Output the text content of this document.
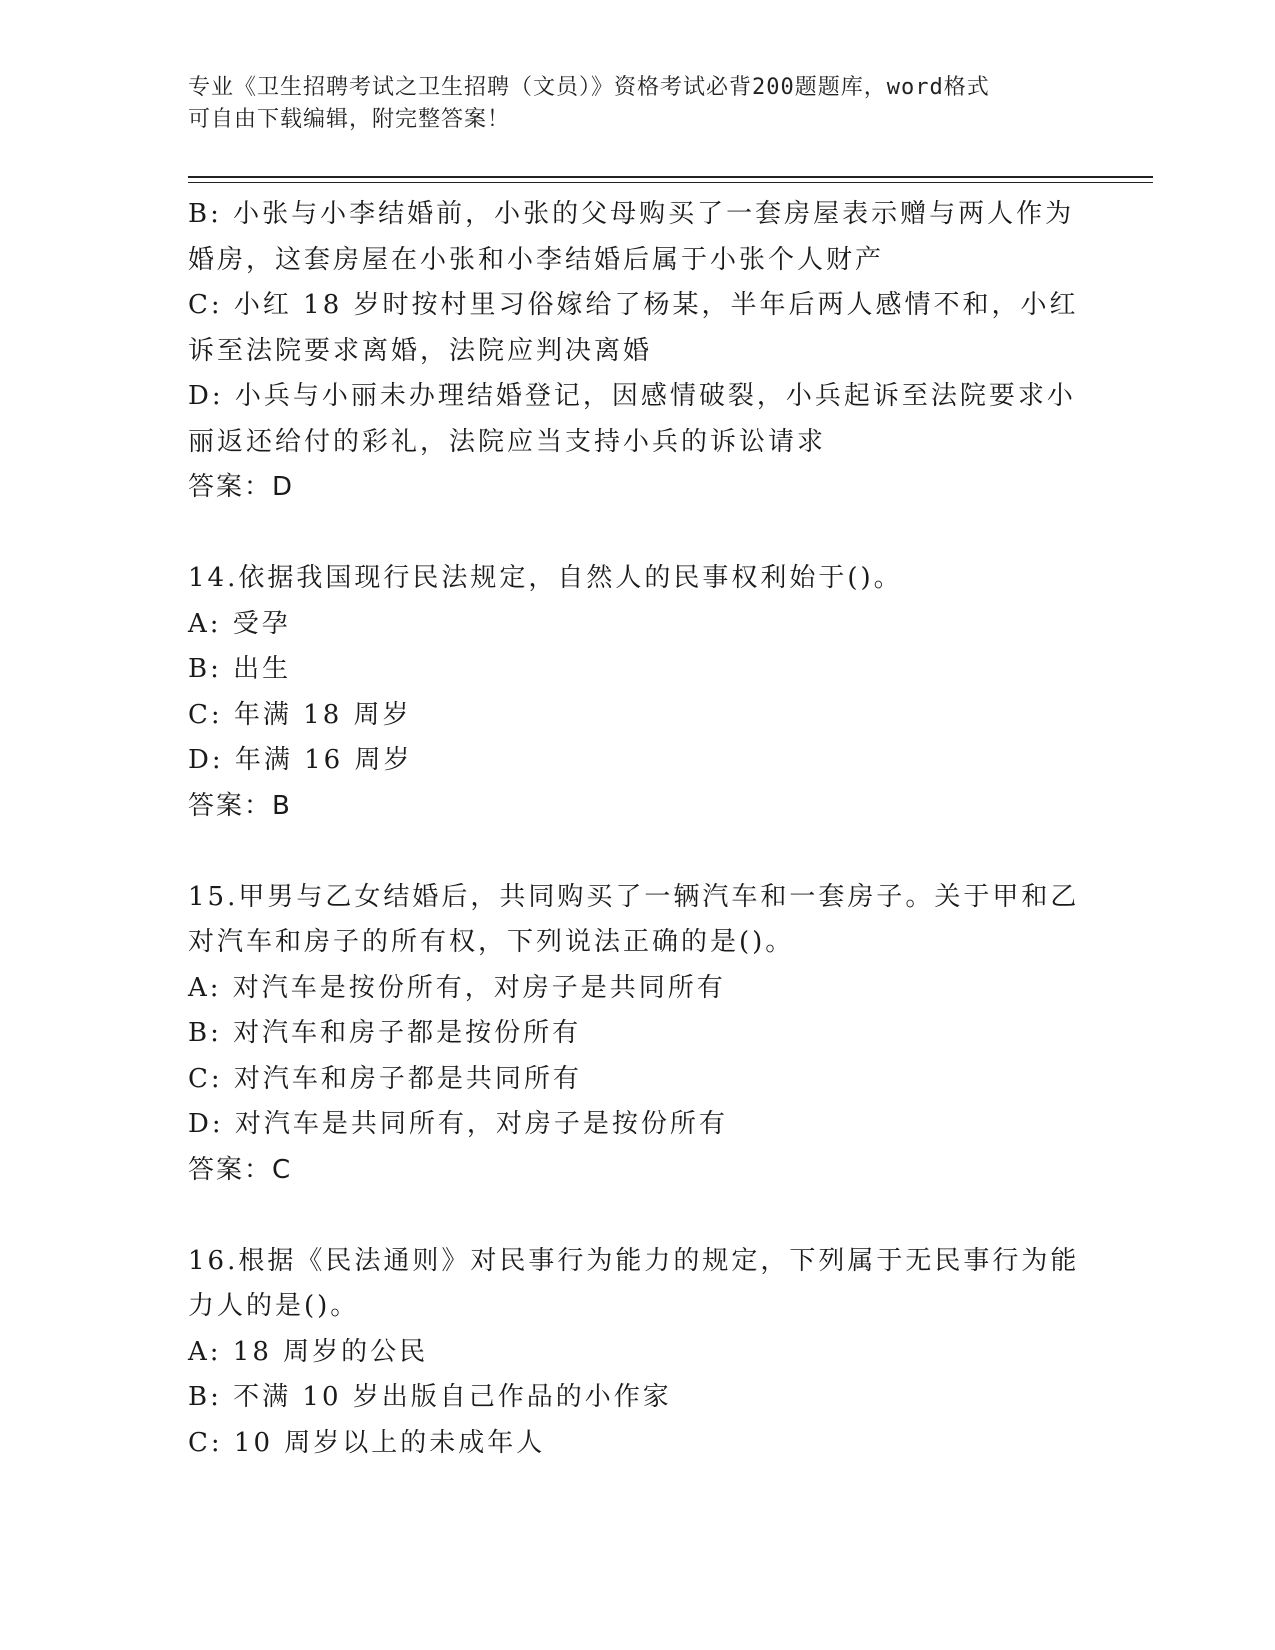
专业《卫生招聘考试之卫生招聘（文员）》资格考试必背200题题库，word格式
可自由下载编辑，附完整答案！
B: 小张与小李结婚前，小张的父母购买了一套房屋表示赠与两人作为
婚房，这套房屋在小张和小李结婚后属于小张个人财产
C: 小红 18 岁时按村里习俗嫁给了杨某，半年后两人感情不和，小红
诉至法院要求离婚，法院应判决离婚
D: 小兵与小丽未办理结婚登记，因感情破裂，小兵起诉至法院要求小
丽返还给付的彩礼，法院应当支持小兵的诉讼请求
答案：D
14.依据我国现行民法规定，自然人的民事权利始于()。
A: 受孕
B: 出生
C: 年满 18 周岁
D: 年满 16 周岁
答案：B
15.甲男与乙女结婚后，共同购买了一辆汽车和一套房子。关于甲和乙
对汽车和房子的所有权，下列说法正确的是()。
A: 对汽车是按份所有，对房子是共同所有
B: 对汽车和房子都是按份所有
C: 对汽车和房子都是共同所有
D: 对汽车是共同所有，对房子是按份所有
答案：C
16.根据《民法通则》对民事行为能力的规定，下列属于无民事行为能
力人的是()。
A: 18 周岁的公民
B: 不满 10 岁出版自己作品的小作家
C: 10 周岁以上的未成年人
